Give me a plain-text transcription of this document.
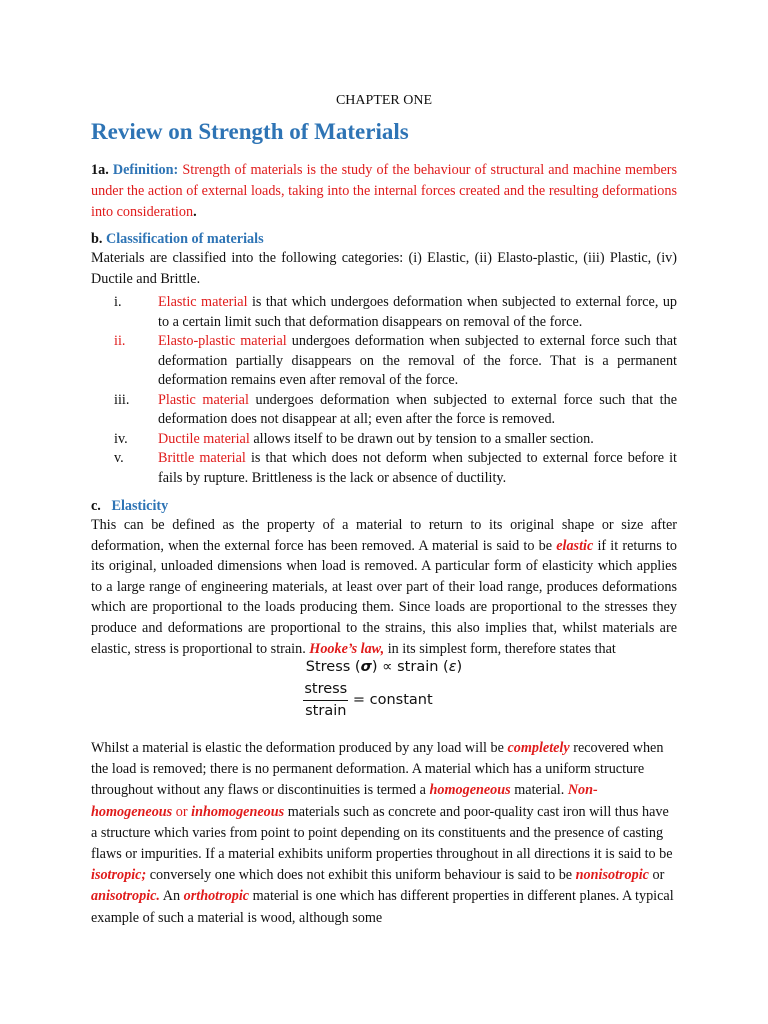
CHAPTER ONE
Review on Strength of Materials

1a. Definition: Strength of materials is the study of the behaviour of structural and machine members under the action of external loads, taking into the internal forces created and the resulting deformations into consideration.

b. Classification of materials

Materials are classified into the following categories: (i) Elastic, (ii) Elasto-plastic, (iii) Plastic, (iv) Ductile and Brittle.

i.	Elastic material is that which undergoes deformation when subjected to external force, up to a certain limit such that deformation disappears on removal of the force.
ii. Elasto-plastic material undergoes deformation when subjected to external force such that deformation partially disappears on the removal of the force. That is a permanent deformation remains even after removal of the force.
iii. Plastic material undergoes deformation when subjected to external force such that the deformation does not disappear at all; even after the force is removed.
iv. Ductile material allows itself to be drawn out by tension to a smaller section.
v. Brittle material is that which does not deform when subjected to external force before it fails by rupture. Brittleness is the lack or absence of ductility.

c. Elasticity

This can be defined as the property of a material to return to its original shape or size after deformation, when the external force has been removed. A material is said to be elastic if it returns to its original, unloaded dimensions when load is removed. A particular form of elasticity which applies to a large range of engineering materials, at least over part of their load range, produces deformations which are proportional to the loads producing them. Since loads are proportional to the stresses they produce and deformations are proportional to the strains, this also implies that, whilst materials are elastic, stress is proportional to strain. Hooke’s law, in its simplest form, therefore states that

Stress (σ) ∝ strain (ε)
$\frac{\text{stress}}{\text{strain}}$ = constant

Whilst a material is elastic the deformation produced by any load will be completely recovered when the load is removed; there is no permanent deformation. A material which has a uniform structure throughout without any flaws or discontinuities is termed a homogeneous material. Non-homogeneous or inhomogeneous materials such as concrete and poor-quality cast iron will thus have a structure which varies from point to point depending on its constituents and the presence of casting flaws or impurities. If a material exhibits uniform properties throughout in all directions it is said to be isotropic; conversely one which does not exhibit this uniform behaviour is said to be nonisotropic or anisotropic. An orthotropic material is one which has different properties in different planes. A typical example of such a material is wood, although some
